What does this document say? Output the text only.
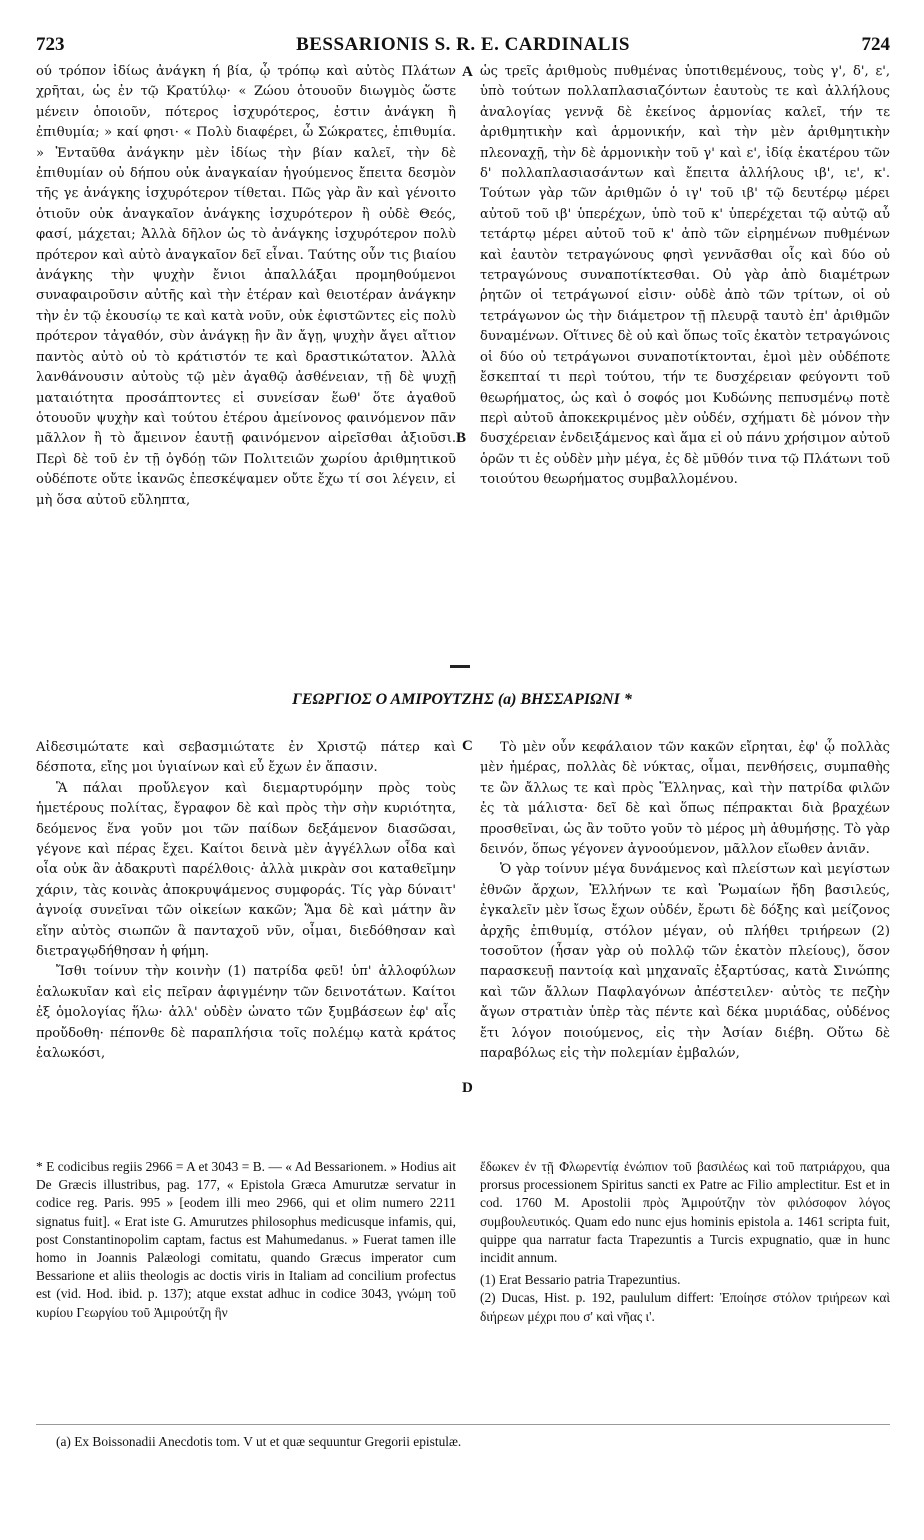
723	BESSARIONIS S. R. E. CARDINALIS	724

ού τρόπον ἰδίως ἀνάγκη ή βία, ᾧ τρόπῳ καὶ αὐτὸς Πλάτων χρῆται, ὡς ἐν τῷ Κρατύλῳ· « Ζώου ὁτουοῦν διωγμὸς ὥστε μένειν ὁποιοῦν, πότερος ἰσχυρότερος, ἐστιν ἀνάγκη ἢ ἐπιθυμία; » καί φησι· « Πολὺ διαφέρει, ὦ Σώκρατες, ἐπιθυμία. » Ἐνταῦθα ἀνάγκην μὲν ἰδίως τὴν βίαν καλεῖ, τὴν δὲ ἐπιθυμίαν οὐ δήπου οὐκ ἀναγκαίαν ἡγούμενος ἔπειτα δεσμὸν τῆς γε ἀνάγκης ἰσχυρότερον τίθεται. Πῶς γὰρ ἂν καὶ γένοιτο ὁτιοῦν οὐκ ἀναγκαῖον ἀνάγκης ἰσχυρότερον ἢ οὐδὲ Θεός, φασί, μάχεται; Ἀλλὰ δῆλον ὡς τὸ ἀνάγκης ἰσχυρότερον πολὺ πρότερον καὶ αὐτὸ ἀναγκαῖον δεῖ εἶναι. Ταύτης οὖν τις βιαίου ἀνάγκης τὴν ψυχὴν ἔνιοι ἀπαλλάξαι προμηθούμενοι συναφαιροῦσιν αὐτῆς καὶ τὴν ἑτέραν καὶ θειοτέραν ἀνάγκην τὴν ἐν τῷ ἑκουσίῳ τε καὶ κατὰ νοῦν, οὐκ ἐφιστῶντες εἰς πολὺ πρότερον τἀγαθόν, σὺν ἀνάγκῃ ἣν ἂν ἄγῃ, ψυχὴν ἄγει αἴτιον παντὸς αὐτὸ οὐ τὸ κράτιστόν τε καὶ δραστικώτατον. Ἀλλὰ λανθάνουσιν αὐτοὺς τῷ μὲν ἀγαθῷ ἀσθένειαν, τῇ δὲ ψυχῇ ματαιότητα προσάπτοντες εἰ συνείσαν ἕωθ' ὅτε ἀγαθοῦ ὁτουοῦν ψυχὴν καὶ τούτου ἑτέρου ἀμείνονος φαινόμενον πᾶν μᾶλλον ἢ τὸ ἄμεινον ἑαυτῇ φαινόμενον αἱρεῖσθαι ἀξιοῦσι. Περὶ δὲ τοῦ ἐν τῇ ὀγδόῃ τῶν Πολιτειῶν χωρίου ἀριθμητικοῦ οὐδέποτε οὔτε ἱκανῶς ἐπεσκέψαμεν οὔτε ἔχω τί σοι λέγειν, εἰ μὴ ὅσα αὐτοῦ εὔληπτα,

ὡς τρεῖς ἀριθμοὺς πυθμένας ὑποτιθεμένους, τοὺς γ', δ', ε', ὑπὸ τούτων πολλαπλασιαζόντων ἑαυτοὺς τε καὶ ἀλλήλους ἀναλογίας γεννᾷ δὲ ἐκείνος ἁρμονίας καλεῖ, τήν τε ἀριθμητικὴν καὶ ἁρμονικήν, καὶ τὴν μὲν ἀριθμητικὴν πλεοναχῇ, τὴν δὲ ἁρμονικὴν τοῦ γ' καὶ ε', ἰδίᾳ ἑκατέρου τῶν δ' πολλαπλασιασάντων καὶ ἔπειτα ἀλλήλους ιβ', ιε', κ'. Τούτων γὰρ τῶν ἀριθμῶν ὁ ιγ' τοῦ ιβ' τῷ δευτέρῳ μέρει αὐτοῦ τοῦ ιβ' ὑπερέχων, ὑπὸ τοῦ κ' ὑπερέχεται τῷ αὐτῷ αὖ τετάρτῳ μέρει αὐτοῦ τοῦ κ' ἀπὸ τῶν εἰρημένων πυθμένων καὶ ἑαυτὸν τετραγώνους φησὶ γεννᾶσθαι οἷς καὶ δύο οὐ τετραγώνους συναποτίκτεσθαι. Οὐ γὰρ ἀπὸ διαμέτρων ῥητῶν οἱ τετράγωνοί εἰσιν· οὐδὲ ἀπὸ τῶν τρίτων, οἱ οὐ τετράγωνον ὡς τὴν διάμετρον τῇ πλευρᾷ ταυτὸ ἐπ' ἀριθμῶν δυναμένων. Οἵτινες δὲ οὐ καὶ ὅπως τοῖς ἑκατὸν τετραγώνοις οἱ δύο οὐ τετράγωνοι συναποτίκτονται, ἐμοὶ μὲν οὐδέποτε ἔσκεπταί τι περὶ τούτου, τήν τε δυσχέρειαν φεύγοντι τοῦ θεωρήματος, ὡς καὶ ὁ σοφός μοι Κυδώνης πεπυσμένῳ ποτὲ περὶ αὐτοῦ ἀποκεκριμένος μὲν οὐδέν, σχήματι δὲ μόνον τὴν δυσχέρειαν ἐνδειξάμενος καὶ ἅμα εἰ οὐ πάνυ χρήσιμον αὐτοῦ ὁρῶν τι ἐς οὐδὲν μὴν μέγα, ἐς δὲ μῦθόν τινα τῷ Πλάτωνι τοῦ τοιούτου θεωρήματος συμβαλλομένου.

A
B
C
D
ΓΕΩΡΓΙΟΣ Ο ΑΜΙΡΟΥΤΖΗΣ (a) ΒΗΣΣΑΡΙΩΝΙ *

Αἰδεσιμώτατε καὶ σεβασμιώτατε ἐν Χριστῷ πάτερ καὶ δέσποτα, εἴης μοι ὑγιαίνων καὶ εὖ ἔχων ἐν ἅπασιν.

Ἃ πάλαι προὔλεγον καὶ διεμαρτυρόμην πρὸς τοὺς ἡμετέρους πολίτας, ἔγραφον δὲ καὶ πρὸς τὴν σὴν κυριότητα, δεόμενος ἕνα γοῦν μοι τῶν παίδων δεξάμενον διασῶσαι, γέγονε καὶ πέρας ἔχει. Καίτοι δεινὰ μὲν ἀγγέλλων οἶδα καὶ οἷα οὐκ ἂν ἀδακρυτὶ παρέλθοις· ἀλλὰ μικρὰν σοι καταθεῖμην χάριν, τὰς κοινὰς ἀποκρυψάμενος συμφοράς. Τίς γὰρ δύναιτ' ἀγνοίᾳ συνεῖναι τῶν οἰκείων κακῶν; Ἅμα δὲ καὶ μάτην ἂν εἴην αὐτὸς σιωπῶν ἃ πανταχοῦ νῦν, οἶμαι, διεδόθησαν καὶ διετραγῳδήθησαν ἡ φήμη.

Ἴσθι τοίνυν τὴν κοινὴν (1) πατρίδα φεῦ! ὑπ' ἀλλοφύλων ἑαλωκυῖαν καὶ εἰς πεῖραν ἀφιγμένην τῶν δεινοτάτων. Καίτοι ἐξ ὁμολογίας ἥλω· ἀλλ' οὐδὲν ὠνατο τῶν ξυμβάσεων ἐφ' αἷς προὔδοθη· πέπονθε δὲ παραπλήσια τοῖς πολέμῳ κατὰ κράτος ἑαλωκόσι,

Τὸ μὲν οὖν κεφάλαιον τῶν κακῶν εἴρηται, ἐφ' ᾧ πολλὰς μὲν ἡμέρας, πολλὰς δὲ νύκτας, οἶμαι, πενθήσεις, συμπαθὴς τε ὢν ἄλλως τε καὶ πρὸς Ἕλληνας, καὶ τὴν πατρίδα φιλῶν ἐς τὰ μάλιστα· δεῖ δὲ καὶ ὅπως πέπρακται διὰ βραχέων προσθεῖναι, ὡς ἂν τοῦτο γοῦν τὸ μέρος μὴ ἀθυμήσῃς. Τὸ γὰρ δεινόν, ὅπως γέγονεν ἀγνοούμενον, μᾶλλον εἴωθεν ἀνιᾶν.

Ὁ γὰρ τοίνυν μέγα δυνάμενος καὶ πλείστων καὶ μεγίστων ἐθνῶν ἄρχων, Ἑλλήνων τε καὶ Ῥωμαίων ἤδη βασιλεύς, ἐγκαλεῖν μὲν ἴσως ἔχων οὐδέν, ἔρωτι δὲ δόξης καὶ μείζονος ἀρχῆς ἐπιθυμίᾳ, στόλον μέγαν, οὐ πλήθει τριήρεων (2) τοσοῦτον (ἦσαν γὰρ οὐ πολλῷ τῶν ἑκατὸν πλείους), ὅσον παρασκευῇ παντοίᾳ καὶ μηχαναῖς ἐξαρτύσας, κατὰ Σινώπης καὶ τῶν ἄλλων Παφλαγόνων ἀπέστειλεν· αὐτὸς τε πεζὴν ἄγων στρατιὰν ὑπὲρ τὰς πέντε καὶ δέκα μυριάδας, οὐδένος ἔτι λόγον ποιούμενος, εἰς τὴν Ἀσίαν διέβη. Οὕτω δὲ παραβόλως εἰς τὴν πολεμίαν ἐμβαλών,

* E codicibus regiis 2966 = A et 3043 = B. — « Ad Bessarionem. » Hodius ait De Græcis illustribus, pag. 177, « Epistola Græca Amurutzæ servatur in codice reg. Paris. 995 » [eodem illi meo 2966, qui et olim numero 2211 signatus fuit]. « Erat iste G. Amurutzes philosophus medicusque infamis, qui, post Constantinopolim captam, factus est Mahumedanus. » Fuerat tamen ille homo in Joannis Palæologi comitatu, quando Græcus imperator cum Bessarione et aliis theologis ac doctis viris in Italiam ad concilium profectus est (vid. Hod. ibid. p. 137); atque exstat adhuc in codice 3043, γνώμη τοῦ κυρίου Γεωργίου τοῦ Ἀμιρούτζη ἣν

ἔδωκεν ἐν τῇ Φλωρεντίᾳ ἐνώπιον τοῦ βασιλέως καὶ τοῦ πατριάρχου, qua prorsus processionem Spiritus sancti ex Patre ac Filio amplectitur. Est et in cod. 1760 M. Apostolii πρὸς Ἀμιρούτζην τὸν φιλόσοφον λόγος συμβουλευτικός. Quam edo nunc ejus hominis epistola a. 1461 scripta fuit, quippe qua narratur facta Trapezuntis a Turcis expugnatio, quæ in hunc incidit annum.

(1) Erat Bessario patria Trapezuntius.

(2) Ducas, Hist. p. 192, paululum differt: Ἐποίησε στόλον τριήρεων καὶ διήρεων μέχρι που σ' καὶ νῆας ι'.

(a) Ex Boissonadii Anecdotis tom. V ut et quæ sequuntur Gregorii epistulæ.
